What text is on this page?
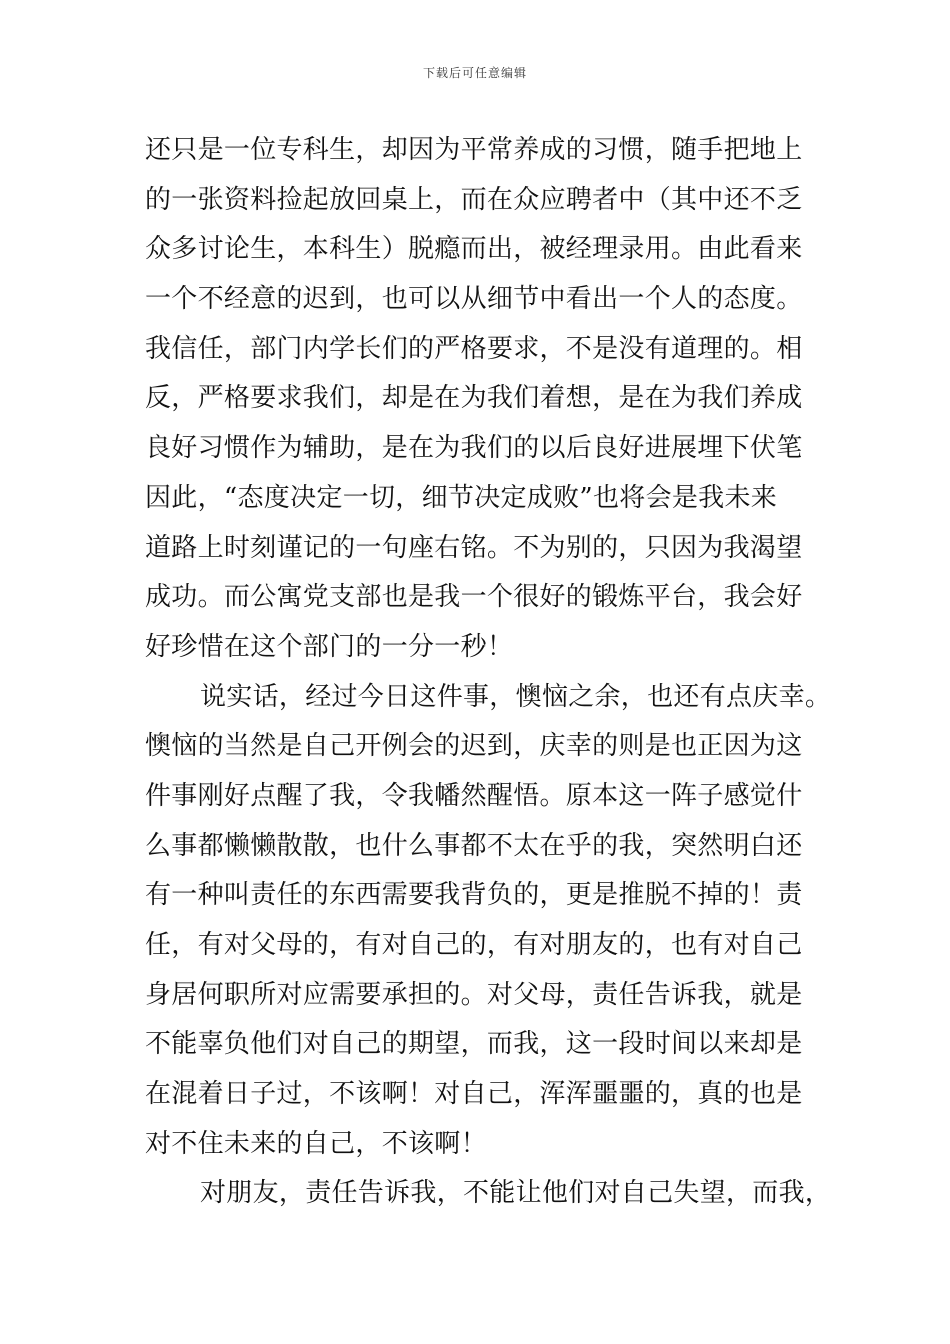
下载后可任意编辑
还只是一位专科生，却因为平常养成的习惯，随手把地上
的一张资料捡起放回桌上，而在众应聘者中（其中还不乏
众多讨论生，本科生）脱瘾而出，被经理录用。由此看来
一个不经意的迟到，也可以从细节中看出一个人的态度。
我信任，部门内学长们的严格要求，不是没有道理的。相
反，严格要求我们，却是在为我们着想，是在为我们养成
良好习惯作为辅助，是在为我们的以后良好进展埋下伏笔
因此，“态度决定一切，细节决定成败”也将会是我未来
道路上时刻谨记的一句座右铭。不为别的，只因为我渴望
成功。而公寓党支部也是我一个很好的锻炼平台，我会好
好珍惜在这个部门的一分一秒！
说实话，经过今日这件事，懊恼之余，也还有点庆幸。
懊恼的当然是自己开例会的迟到，庆幸的则是也正因为这
件事刚好点醒了我，令我幡然醒悟。原本这一阵子感觉什
么事都懒懒散散，也什么事都不太在乎的我，突然明白还
有一种叫责任的东西需要我背负的，更是推脱不掉的！责
任，有对父母的，有对自己的，有对朋友的，也有对自己
身居何职所对应需要承担的。对父母，责任告诉我，就是
不能辜负他们对自己的期望，而我，这一段时间以来却是
在混着日子过，不该啊！对自己，浑浑噩噩的，真的也是
对不住未来的自己，不该啊！
对朋友，责任告诉我，不能让他们对自己失望，而我，
